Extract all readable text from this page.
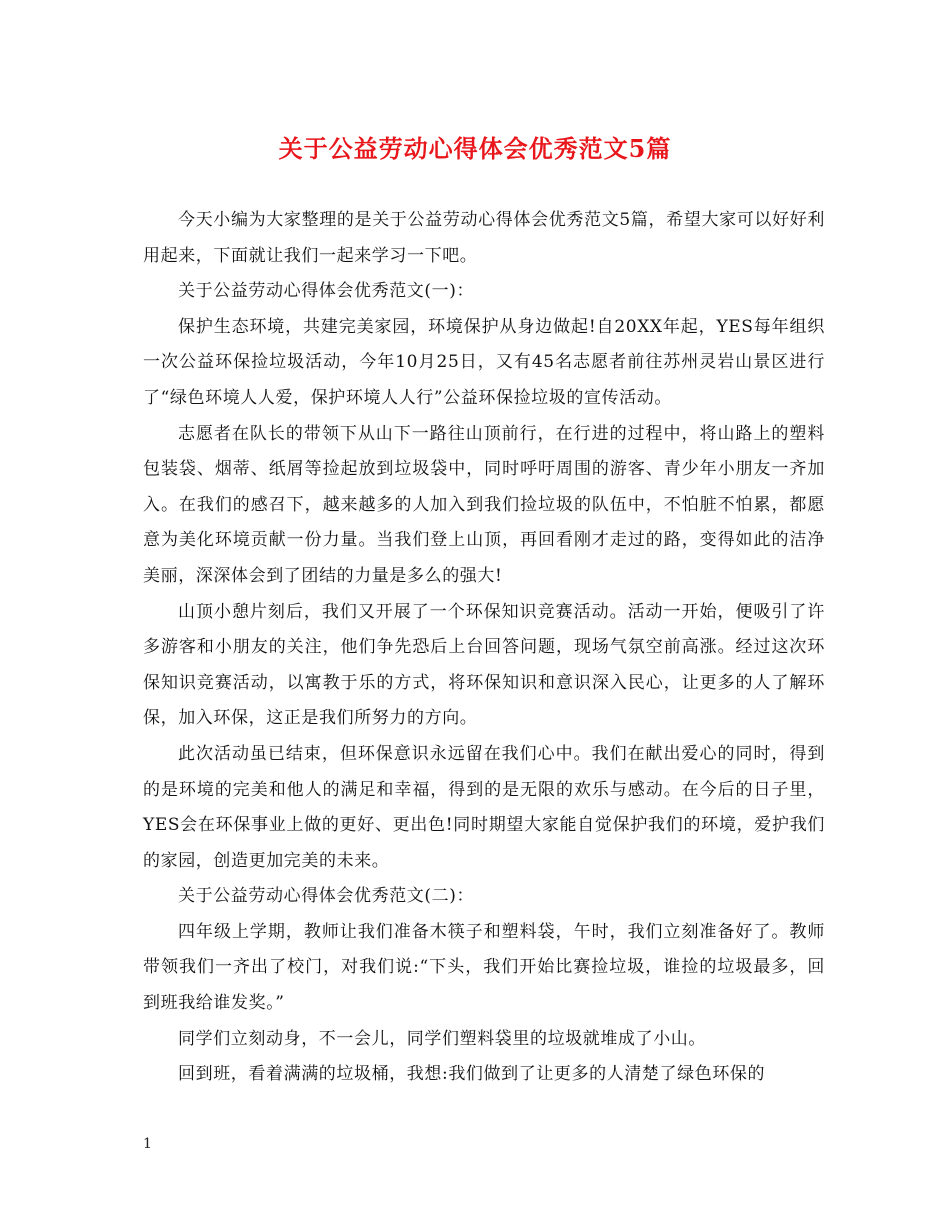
关于公益劳动心得体会优秀范文5篇

今天小编为大家整理的是关于公益劳动心得体会优秀范文5篇，希望大家可以好好利用起来，下面就让我们一起来学习一下吧。

关于公益劳动心得体会优秀范文(一)：

保护生态环境，共建完美家园，环境保护从身边做起!自20XX年起，YES每年组织一次公益环保捡垃圾活动，今年10月25日，又有45名志愿者前往苏州灵岩山景区进行了“绿色环境人人爱，保护环境人人行”公益环保捡垃圾的宣传活动。

志愿者在队长的带领下从山下一路往山顶前行，在行进的过程中，将山路上的塑料包装袋、烟蒂、纸屑等捡起放到垃圾袋中，同时呼吁周围的游客、青少年小朋友一齐加入。在我们的感召下，越来越多的人加入到我们捡垃圾的队伍中，不怕脏不怕累，都愿意为美化环境贡献一份力量。当我们登上山顶，再回看刚才走过的路，变得如此的洁净美丽，深深体会到了团结的力量是多么的强大!

山顶小憩片刻后，我们又开展了一个环保知识竞赛活动。活动一开始，便吸引了许多游客和小朋友的关注，他们争先恐后上台回答问题，现场气氛空前高涨。经过这次环保知识竞赛活动，以寓教于乐的方式，将环保知识和意识深入民心，让更多的人了解环保，加入环保，这正是我们所努力的方向。

此次活动虽已结束，但环保意识永远留在我们心中。我们在献出爱心的同时，得到的是环境的完美和他人的满足和幸福，得到的是无限的欢乐与感动。在今后的日子里，YES会在环保事业上做的更好、更出色!同时期望大家能自觉保护我们的环境，爱护我们的家园，创造更加完美的未来。

关于公益劳动心得体会优秀范文(二)：

四年级上学期，教师让我们准备木筷子和塑料袋，午时，我们立刻准备好了。教师带领我们一齐出了校门，对我们说:“下头，我们开始比赛捡垃圾，谁捡的垃圾最多，回到班我给谁发奖。”

同学们立刻动身，不一会儿，同学们塑料袋里的垃圾就堆成了小山。

回到班，看着满满的垃圾桶，我想:我们做到了让更多的人清楚了绿色环保的

1
